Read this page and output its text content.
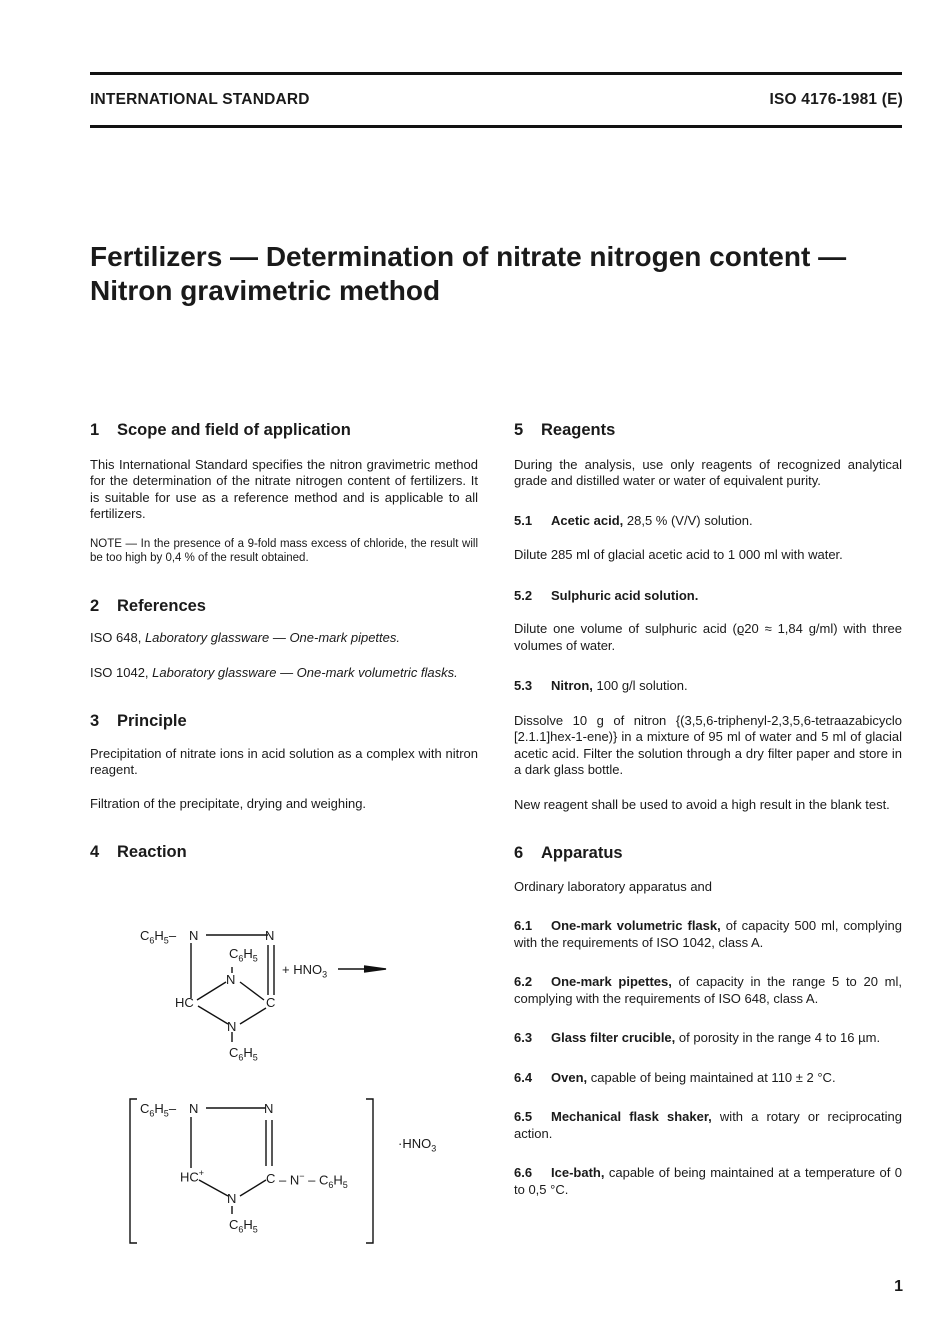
INTERNATIONAL STANDARD	ISO 4176-1981 (E)
Fertilizers — Determination of nitrate nitrogen content —
Nitron gravimetric method
1 Scope and field of application

This International Standard specifies the nitron gravimetric method for the determination of the nitrate nitrogen content of fertilizers. It is suitable for use as a reference method and is applicable to all fertilizers.

NOTE — In the presence of a 9-fold mass excess of chloride, the result will be too high by 0,4 % of the result obtained.

2 References

ISO 648, Laboratory glassware — One-mark pipettes.

ISO 1042, Laboratory glassware — One-mark volumetric flasks.

3 Principle

Precipitation of nitrate ions in acid solution as a complex with nitron reagent.

Filtration of the precipitate, drying and weighing.

4 Reaction
$C_6H_5-$ N	N
$C_6H_5$
N
+ $HNO_3$
HC	C
N
$C_6H_5$
$C_6H_5-$ N	N
$\cdot HNO_3$
HC+	C – $N^- - C_6H_5$
N
$C_6H_5$
5 Reagents

During the analysis, use only reagents of recognized analytical grade and distilled water or water of equivalent purity.

5.1 Acetic acid, 28,5 % (V/V) solution.

Dilute 285 ml of glacial acetic acid to 1 000 ml with water.

5.2 Sulphuric acid solution.

Dilute one volume of sulphuric acid (ϱ20 ≈ 1,84 g/ml) with three volumes of water.

5.3 Nitron, 100 g/l solution.

Dissolve 10 g of nitron {(3,5,6-triphenyl-2,3,5,6-tetraazabicyclo [2.1.1]hex-1-ene)} in a mixture of 95 ml of water and 5 ml of glacial acetic acid. Filter the solution through a dry filter paper and store in a dark glass bottle.

New reagent shall be used to avoid a high result in the blank test.

6 Apparatus

Ordinary laboratory apparatus and

6.1 One-mark volumetric flask, of capacity 500 ml, complying with the requirements of ISO 1042, class A.

6.2 One-mark pipettes, of capacity in the range 5 to 20 ml, complying with the requirements of ISO 648, class A.

6.3 Glass filter crucible, of porosity in the range 4 to 16 µm.

6.4 Oven, capable of being maintained at 110 ± 2 °C.

6.5 Mechanical flask shaker, with a rotary or reciprocating action.

6.6 Ice-bath, capable of being maintained at a temperature of 0 to 0,5 °C.

1
